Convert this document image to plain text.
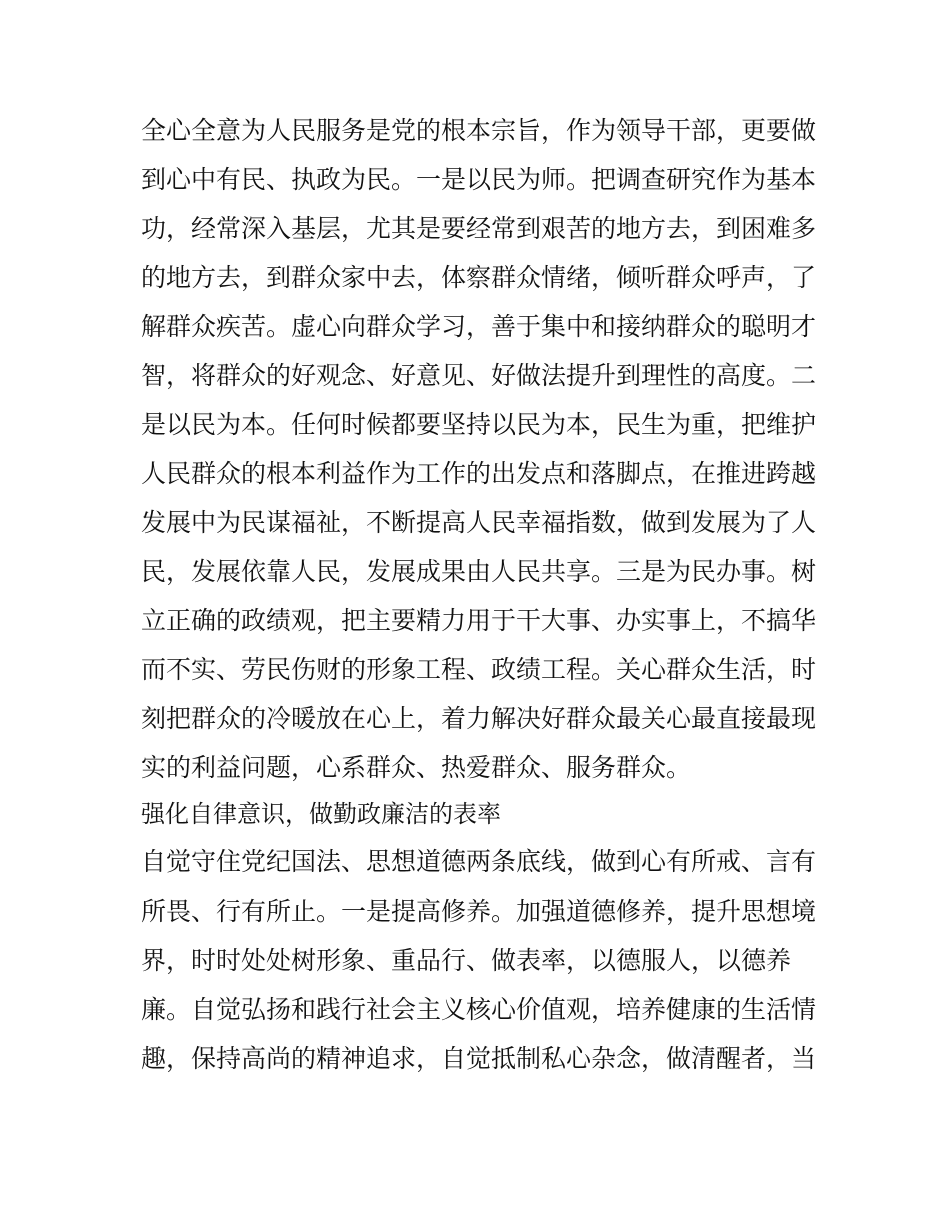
全心全意为人民服务是党的根本宗旨，作为领导干部，更要做
到心中有民、执政为民。一是以民为师。把调查研究作为基本
功，经常深入基层，尤其是要经常到艰苦的地方去，到困难多
的地方去，到群众家中去，体察群众情绪，倾听群众呼声，了
解群众疾苦。虚心向群众学习，善于集中和接纳群众的聪明才
智，将群众的好观念、好意见、好做法提升到理性的高度。二
是以民为本。任何时候都要坚持以民为本，民生为重，把维护
人民群众的根本利益作为工作的出发点和落脚点，在推进跨越
发展中为民谋福祉，不断提高人民幸福指数，做到发展为了人
民，发展依靠人民，发展成果由人民共享。三是为民办事。树
立正确的政绩观，把主要精力用于干大事、办实事上，不搞华
而不实、劳民伤财的形象工程、政绩工程。关心群众生活，时
刻把群众的冷暖放在心上，着力解决好群众最关心最直接最现
实的利益问题，心系群众、热爱群众、服务群众。
强化自律意识，做勤政廉洁的表率
自觉守住党纪国法、思想道德两条底线，做到心有所戒、言有
所畏、行有所止。一是提高修养。加强道德修养，提升思想境
界，时时处处树形象、重品行、做表率，以德服人，以德养
廉。自觉弘扬和践行社会主义核心价值观，培养健康的生活情
趣，保持高尚的精神追求，自觉抵制私心杂念，做清醒者，当
